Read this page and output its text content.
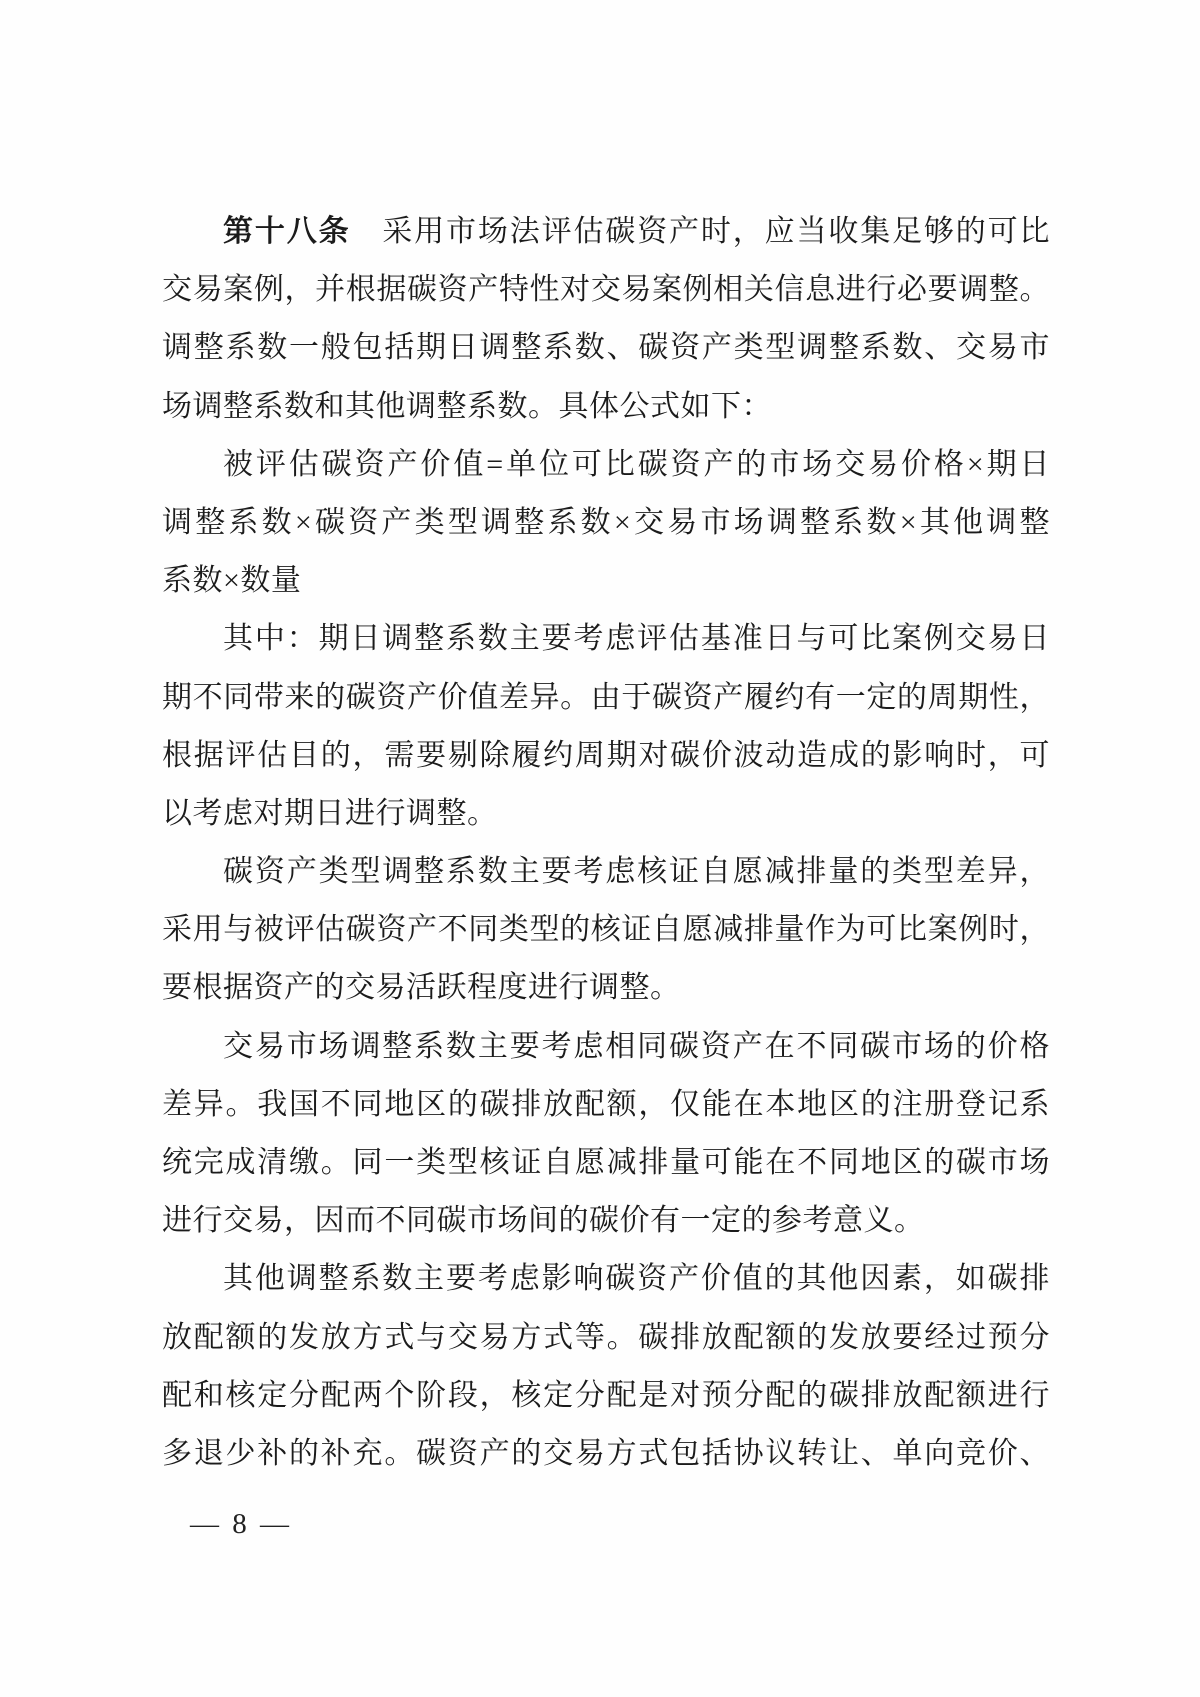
第十八条　采用市场法评估碳资产时，应当收集足够的可比
交易案例，并根据碳资产特性对交易案例相关信息进行必要调整。
调整系数一般包括期日调整系数、碳资产类型调整系数、交易市
场调整系数和其他调整系数。具体公式如下：
被评估碳资产价值=单位可比碳资产的市场交易价格×期日
调整系数×碳资产类型调整系数×交易市场调整系数×其他调整
系数×数量
其中：期日调整系数主要考虑评估基准日与可比案例交易日
期不同带来的碳资产价值差异。由于碳资产履约有一定的周期性，
根据评估目的，需要剔除履约周期对碳价波动造成的影响时，可
以考虑对期日进行调整。
碳资产类型调整系数主要考虑核证自愿减排量的类型差异，
采用与被评估碳资产不同类型的核证自愿减排量作为可比案例时，
要根据资产的交易活跃程度进行调整。
交易市场调整系数主要考虑相同碳资产在不同碳市场的价格
差异。我国不同地区的碳排放配额，仅能在本地区的注册登记系
统完成清缴。同一类型核证自愿减排量可能在不同地区的碳市场
进行交易，因而不同碳市场间的碳价有一定的参考意义。
其他调整系数主要考虑影响碳资产价值的其他因素，如碳排
放配额的发放方式与交易方式等。碳排放配额的发放要经过预分
配和核定分配两个阶段，核定分配是对预分配的碳排放配额进行
多退少补的补充。碳资产的交易方式包括协议转让、单向竞价、
— 8 —
